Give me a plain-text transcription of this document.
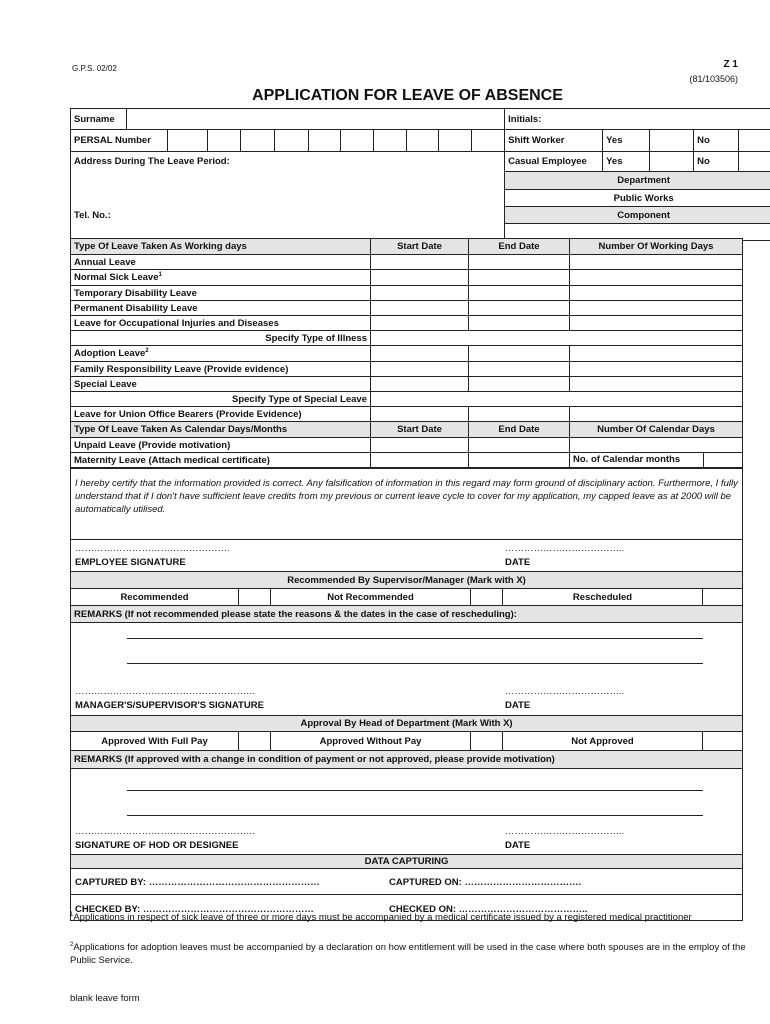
G.P.S. 02/02	Z 1
(81/103506)
APPLICATION FOR LEAVE OF ABSENCE
Surname												Initials:				
PERSAL Number												Shift Worker	Yes		No	
Address During The Leave Period:												Casual Employee	Yes		No	
												Department				
												Public Works				
Tel. No.:												Component				

Type Of Leave Taken As Working days	Start Date	End Date	Number Of Working Days
Annual Leave			
Normal Sick Leave$^1$			
Temporary Disability Leave			
Permanent Disability Leave			
Leave for Occupational Injuries and Diseases			
Specify Type of Illness			
Adoption Leave$^2$			
Family Responsibility Leave (Provide evidence)			
Special Leave			
Specify Type of Special Leave			
Leave for Union Office Bearers (Provide Evidence)			
Type Of Leave Taken As Calendar Days/Months	Start Date	End Date	Number Of Calendar Days
Unpaid Leave (Provide motivation)			
Maternity Leave (Attach medical certificate)			No. of Calendar months
I hereby certify that the information provided is correct. Any falsification of information in this regard may form ground of disciplinary action. Furthermore, I fully understand that if I don't have sufficient leave credits from my previous or current leave cycle to cover for my application, my capped leave as at 2000 will be automatically utilised.					

…………………………………………. ………………………………..
EMPLOYEE SIGNATURE DATE					

Recommended By Supervisor/Manager (Mark with X)					
Recommended		Not Recommended		Rescheduled	
REMARKS (If not recommended please state the reasons & the dates in the case of rescheduling):					

………………………………………………… ………………………………..
MANAGER'S/SUPERVISOR'S SIGNATURE DATE					

Approval By Head of Department (Mark With X)					
Approved With Full Pay		Approved Without Pay		Not Approved	
REMARKS (If approved with a change in condition of payment or not approved, please provide motivation)					

………………………………………………… ………………………………..
SIGNATURE OF HOD OR DESIGNEE DATE					

DATA CAPTURING					

CAPTURED BY: ……………………………………………… CAPTURED ON: ……………………………….					

CHECKED BY: ……………………………………………… CHECKED ON: …………………………………..					
$^1$Applications in respect of sick leave of three or more days must be accompanied by a medical certificate issued by a registered medical practitioner
$^2$Applications for adoption leaves must be accompanied by a declaration on how entitlement will be used in the case where both spouses are in the employ of the Public Service.
blank leave form
